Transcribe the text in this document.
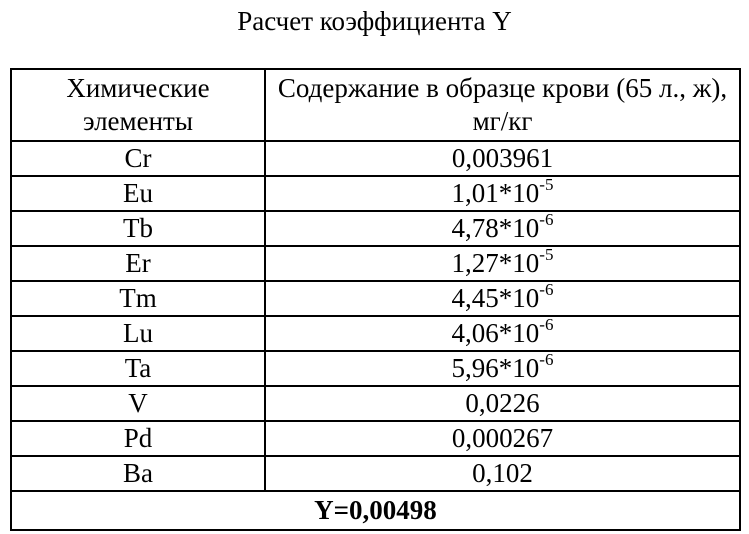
Расчет коэффициента Y
Химические элементы	Содержание в образце крови (65 л., ж), мг/кг
Cr	0,003961
Eu	$1,01*10^{-5}$
Tb	$4,78*10^{-6}$
Er	$1,27*10^{-5}$
Tm	$4,45*10^{-6}$
Lu	$4,06*10^{-6}$
Ta	$5,96*10^{-6}$
V	0,0226
Pd	0,000267
Ba	0,102
Y=0,00498	
